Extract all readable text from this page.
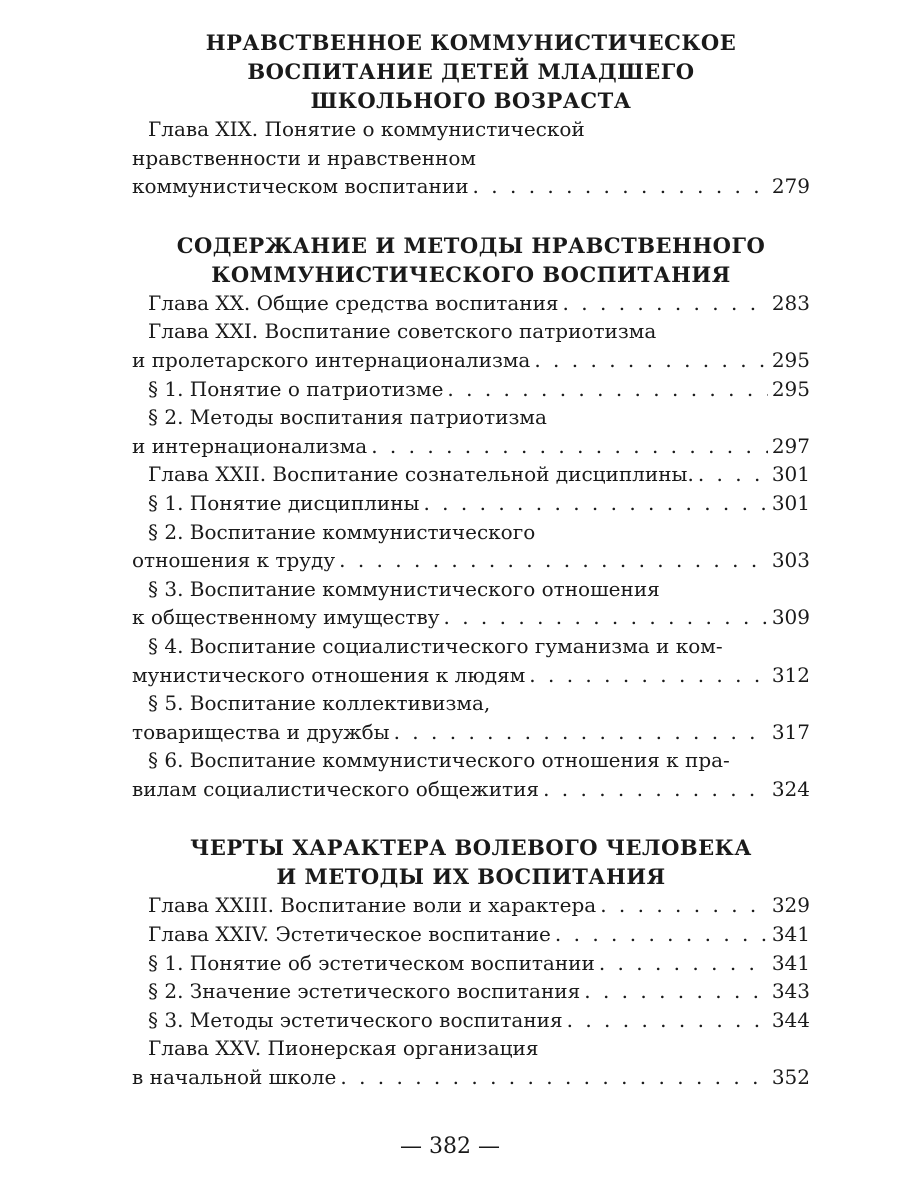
НРАВСТВЕННОЕ КОММУНИСТИЧЕСКОЕ
ВОСПИТАНИЕ ДЕТЕЙ МЛАДШЕГО
ШКОЛЬНОГО ВОЗРАСТА
Глава XIX. Понятие о коммунистической
нравственности и нравственном
коммунистическом воспитании . . .	279
СОДЕРЖАНИЕ И МЕТОДЫ НРАВСТВЕННОГО
КОММУНИСТИЧЕСКОГО ВОСПИТАНИЯ
Глава XX. Общие средства воспитания . . .	283
Глава XXI. Воспитание советского патриотизма
и пролетарского интернационализма . . .	295
§ 1. Понятие о патриотизме . . .	295
§ 2. Методы воспитания патриотизма
и интернационализма . . .	297
Глава XXII. Воспитание сознательной дисциплины. . . .	301
§ 1. Понятие дисциплины . . .	301
§ 2. Воспитание коммунистического
отношения к труду . . .	303
§ 3. Воспитание коммунистического отношения
к общественному имуществу . . .	309
§ 4. Воспитание социалистического гуманизма и ком-
мунистического отношения к людям . . .	312
§ 5. Воспитание коллективизма,
товарищества и дружбы . . .	317
§ 6. Воспитание коммунистического отношения к пра-
вилам социалистического общежития . . .	324
ЧЕРТЫ ХАРАКТЕРА ВОЛЕВОГО ЧЕЛОВЕКА
И МЕТОДЫ ИХ ВОСПИТАНИЯ
Глава XXIII. Воспитание воли и характера . . .	329
Глава XXIV. Эстетическое воспитание . . .	341
§ 1. Понятие об эстетическом воспитании . . .	341
§ 2. Значение эстетического воспитания . . .	343
§ 3. Методы эстетического воспитания . . .	344
Глава XXV. Пионерская организация
в начальной школе . . .	352
— 382 —
